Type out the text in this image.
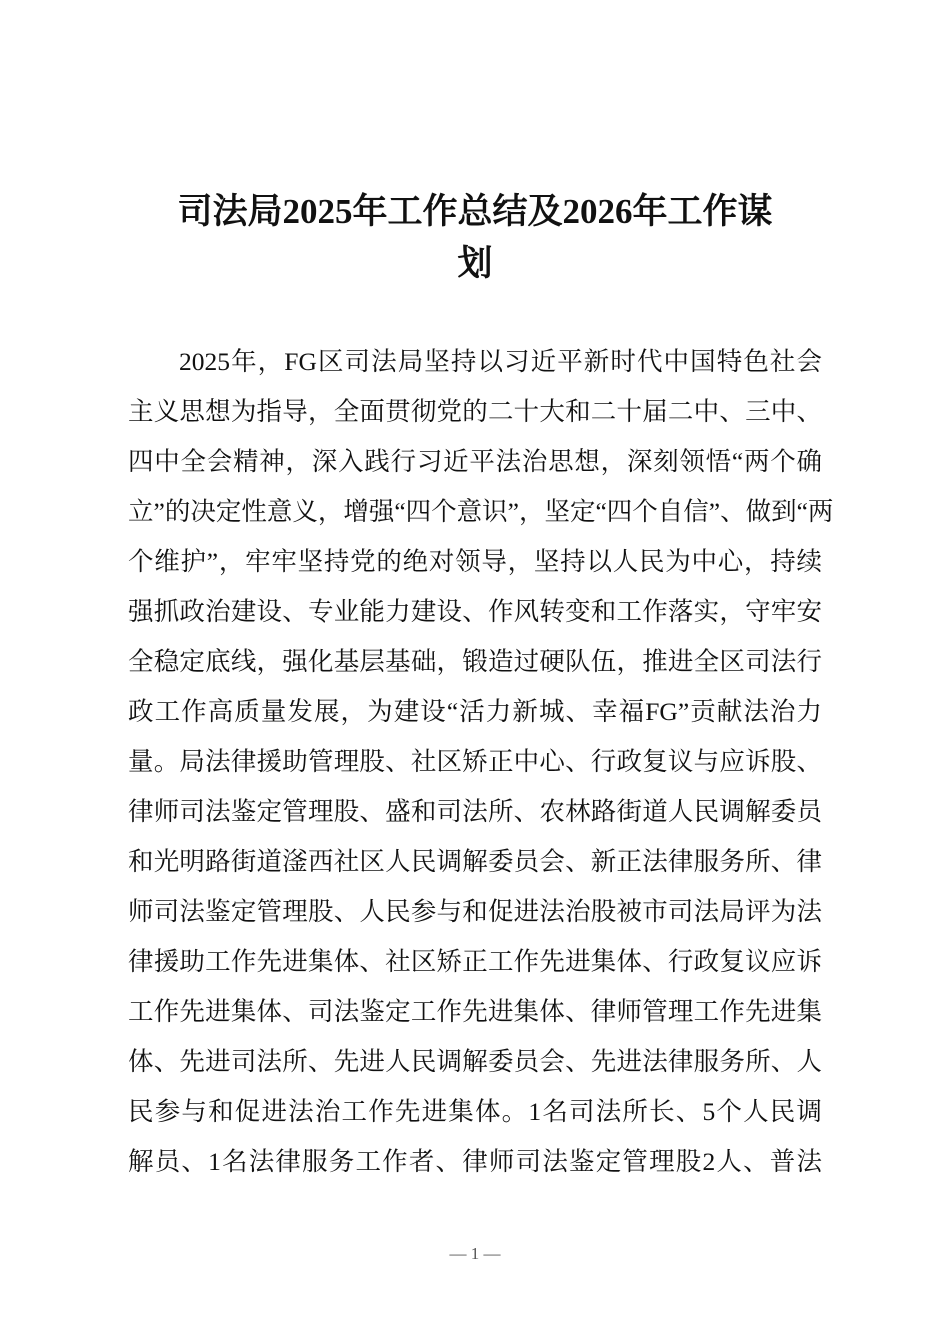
司法局2025年工作总结及2026年工作谋
划
2025年，FG区司法局坚持以习近平新时代中国特色社会
主义思想为指导，全面贯彻党的二十大和二十届二中、三中、
四中全会精神，深入践行习近平法治思想，深刻领悟“两个确
立”的决定性意义，增强“四个意识”，坚定“四个自信”、做到“两
个维护”，牢牢坚持党的绝对领导，坚持以人民为中心，持续
强抓政治建设、专业能力建设、作风转变和工作落实，守牢安
全稳定底线，强化基层基础，锻造过硬队伍，推进全区司法行
政工作高质量发展，为建设“活力新城、幸福FG”贡献法治力
量。局法律援助管理股、社区矫正中心、行政复议与应诉股、
律师司法鉴定管理股、盛和司法所、农林路街道人民调解委员
和光明路街道滏西社区人民调解委员会、新正法律服务所、律
师司法鉴定管理股、人民参与和促进法治股被市司法局评为法
律援助工作先进集体、社区矫正工作先进集体、行政复议应诉
工作先进集体、司法鉴定工作先进集体、律师管理工作先进集
体、先进司法所、先进人民调解委员会、先进法律服务所、人
民参与和促进法治工作先进集体。1名司法所长、5个人民调
解员、1名法律服务工作者、律师司法鉴定管理股2人、普法
— 1 —
